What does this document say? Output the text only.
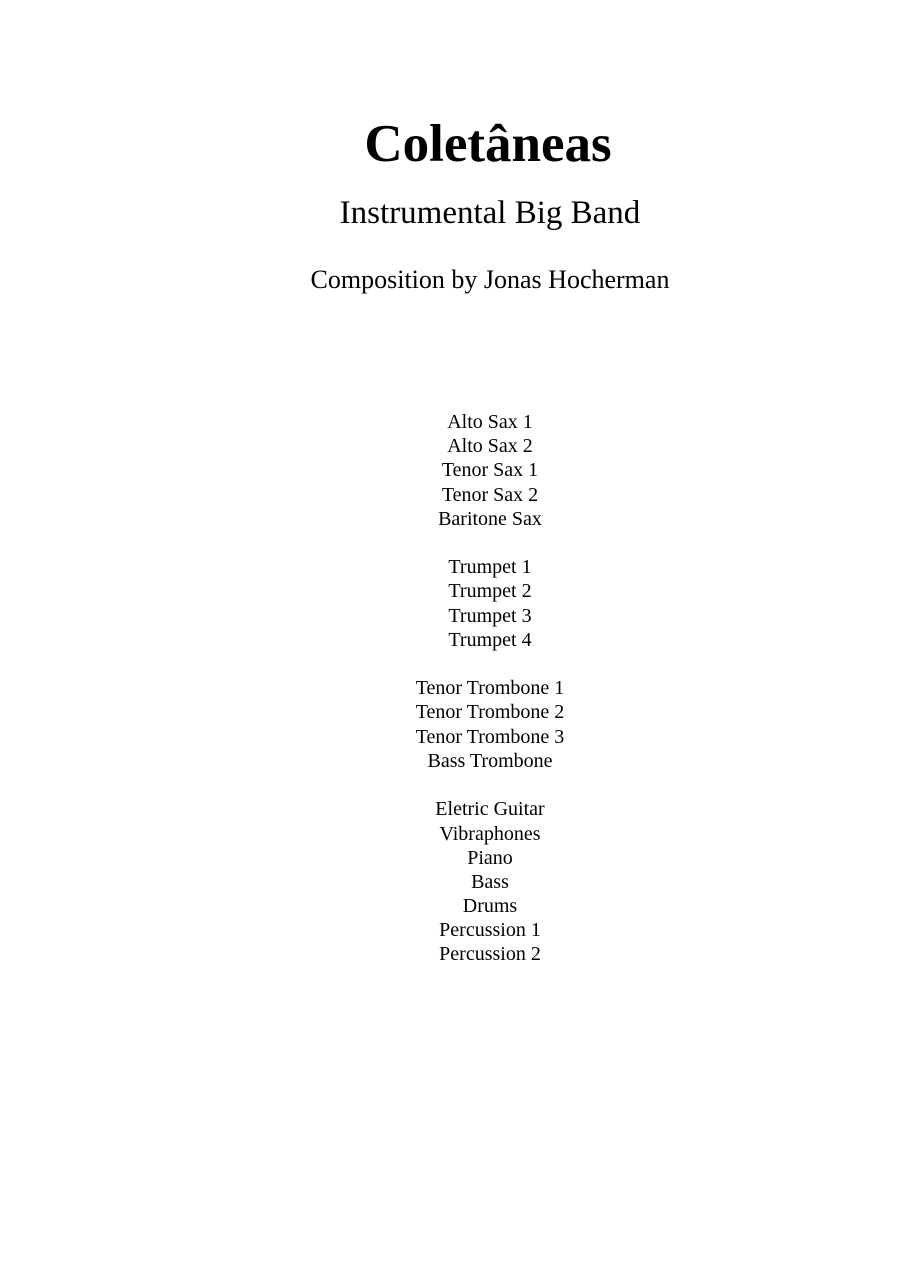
Coletâneas
Instrumental Big Band

Composition by Jonas Hocherman

Alto Sax 1
Alto Sax 2
Tenor Sax 1
Tenor Sax 2
Baritone Sax
Trumpet 1
Trumpet 2
Trumpet 3
Trumpet 4
Tenor Trombone 1
Tenor Trombone 2
Tenor Trombone 3
Bass Trombone
Eletric Guitar
Vibraphones
Piano
Bass
Drums
Percussion 1
Percussion 2
